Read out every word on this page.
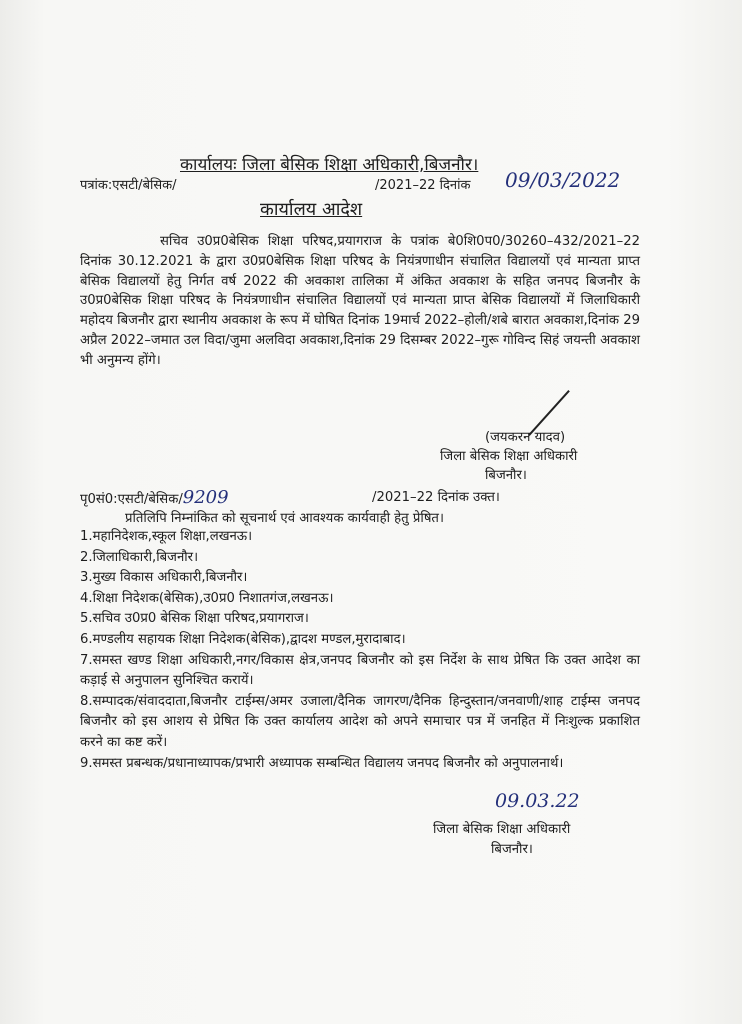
कार्यालयः जिला बेसिक शिक्षा अधिकारी,बिजनौर।
पत्रांक:एसटी/बेसिक/	/2021–22 दिनांक 09/03/2022
कार्यालय आदेश
सचिव उ0प्र0बेसिक शिक्षा परिषद,प्रयागराज के पत्रांक बे0शि0प0/30260–432/2021–22 दिनांक 30.12.2021 के द्वारा उ0प्र0बेसिक शिक्षा परिषद के नियंत्रणाधीन संचालित विद्यालयों एवं मान्यता प्राप्त बेसिक विद्यालयों हेतु निर्गत वर्ष 2022 की अवकाश तालिका में अंकित अवकाश के सहित जनपद बिजनौर के उ0प्र0बेसिक शिक्षा परिषद के नियंत्रणाधीन संचालित विद्यालयों एवं मान्यता प्राप्त बेसिक विद्यालयों में जिलाधिकारी महोदय बिजनौर द्वारा स्थानीय अवकाश के रूप में घोषित दिनांक 19मार्च 2022–होली/शबे बारात अवकाश,दिनांक 29 अप्रैल 2022–जमात उल विदा/जुमा अलविदा अवकाश,दिनांक 29 दिसम्बर 2022–गुरू गोविन्द सिहं जयन्ती अवकाश भी अनुमन्य होंगे।
(जयकरन यादव)
जिला बेसिक शिक्षा अधिकारी
बिजनौर।
पृ0सं0:एसटी/बेसिक/9209	/2021–22 दिनांक उक्त।
प्रतिलिपि निम्नांकित को सूचनार्थ एवं आवश्यक कार्यवाही हेतु प्रेषित।
1.महानिदेशक,स्कूल शिक्षा,लखनऊ।
2.जिलाधिकारी,बिजनौर।
3.मुख्य विकास अधिकारी,बिजनौर।
4.शिक्षा निदेशक(बेसिक),उ0प्र0 निशातगंज,लखनऊ।
5.सचिव उ0प्र0 बेसिक शिक्षा परिषद,प्रयागराज।
6.मण्डलीय सहायक शिक्षा निदेशक(बेसिक),द्वादश मण्डल,मुरादाबाद।
7.समस्त खण्ड शिक्षा अधिकारी,नगर/विकास क्षेत्र,जनपद बिजनौर को इस निर्देश के साथ प्रेषित कि उक्त आदेश का कड़ाई से अनुपालन सुनिश्चित करायें।
8.सम्पादक/संवाददाता,बिजनौर टाईम्स/अमर उजाला/दैनिक जागरण/दैनिक हिन्दुस्तान/जनवाणी/शाह टाईम्स जनपद बिजनौर को इस आशय से प्रेषित कि उक्त कार्यालय आदेश को अपने समाचार पत्र में जनहित में निःशुल्क प्रकाशित करने का कष्ट करें।
9.समस्त प्रबन्धक/प्रधानाध्यापक/प्रभारी अध्यापक सम्बन्धित विद्यालय जनपद बिजनौर को अनुपालनार्थ।
09.03.22
जिला बेसिक शिक्षा अधिकारी
बिजनौर।
